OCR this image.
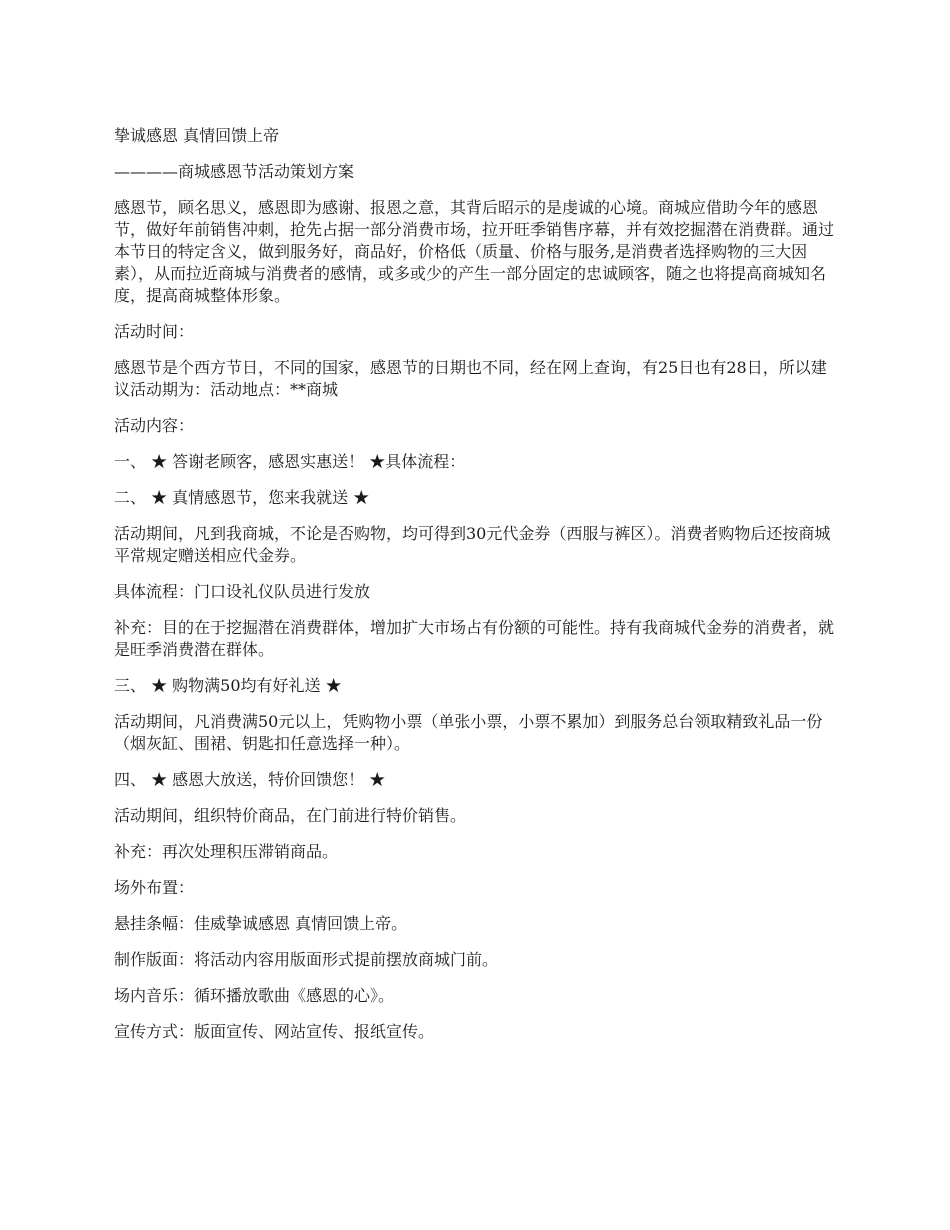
挚诚感恩 真情回馈上帝

————商城感恩节活动策划方案

感恩节，顾名思义，感恩即为感谢、报恩之意，其背后昭示的是虔诚的心境。商城应借助今年的感恩节，做好年前销售冲刺，抢先占据一部分消费市场，拉开旺季销售序幕，并有效挖掘潜在消费群。通过本节日的特定含义，做到服务好，商品好，价格低（质量、价格与服务,是消费者选择购物的三大因素），从而拉近商城与消费者的感情，或多或少的产生一部分固定的忠诚顾客，随之也将提高商城知名度，提高商城整体形象。

活动时间：

感恩节是个西方节日，不同的国家，感恩节的日期也不同，经在网上查询，有25日也有28日，所以建议活动期为：活动地点：**商城

活动内容：

一、 ★ 答谢老顾客，感恩实惠送！ ★具体流程：

二、 ★ 真情感恩节，您来我就送 ★

活动期间，凡到我商城，不论是否购物，均可得到30元代金券（西服与裤区）。消费者购物后还按商城平常规定赠送相应代金券。

具体流程：门口设礼仪队员进行发放

补充：目的在于挖掘潜在消费群体，增加扩大市场占有份额的可能性。持有我商城代金券的消费者，就是旺季消费潜在群体。

三、 ★ 购物满50均有好礼送 ★

活动期间，凡消费满50元以上，凭购物小票（单张小票，小票不累加）到服务总台领取精致礼品一份（烟灰缸、围裙、钥匙扣任意选择一种）。

四、 ★ 感恩大放送，特价回馈您！ ★

活动期间，组织特价商品，在门前进行特价销售。

补充：再次处理积压滞销商品。

场外布置：

悬挂条幅：佳威挚诚感恩 真情回馈上帝。

制作版面：将活动内容用版面形式提前摆放商城门前。

场内音乐：循环播放歌曲《感恩的心》。

宣传方式：版面宣传、网站宣传、报纸宣传。
